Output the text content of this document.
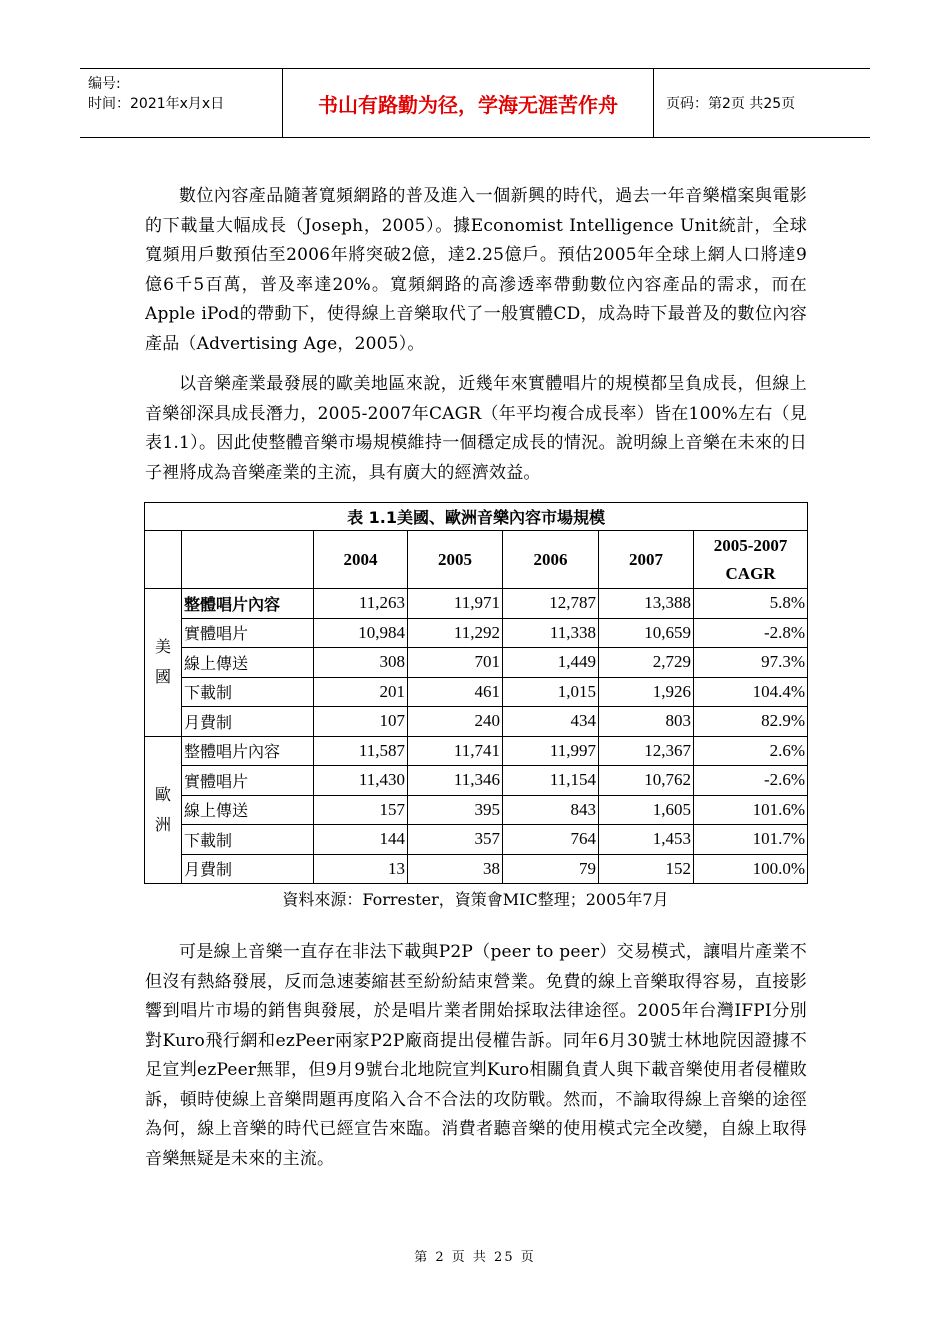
编号:
时间：2021年x月x日	书山有路勤为径，学海无涯苦作舟	页码：第2页 共25页

數位內容產品隨著寬頻網路的普及進入一個新興的時代，過去一年音樂檔案與電影的下載量大幅成長（Joseph，2005）。據Economist Intelligence Unit統計，全球寬頻用戶數預估至2006年將突破2億，達2.25億戶。預估2005年全球上網人口將達9億6千5百萬，普及率達20%。寬頻網路的高滲透率帶動數位內容產品的需求，而在Apple iPod的帶動下，使得線上音樂取代了一般實體CD，成為時下最普及的數位內容產品（Advertising Age，2005）。

以音樂產業最發展的歐美地區來說，近幾年來實體唱片的規模都呈負成長，但線上音樂卻深具成長潛力，2005-2007年CAGR（年平均複合成長率）皆在100%左右（見表1.1）。因此使整體音樂市場規模維持一個穩定成長的情況。說明線上音樂在未來的日子裡將成為音樂產業的主流，具有廣大的經濟效益。

表 1.1美國、歐洲音樂內容市場規模						
		2004	2005	2006	2007	2005-2007
CAGR

美
國	整體唱片內容	11,263	11,971	12,787	13,388	5.8%
	實體唱片	10,984	11,292	11,338	10,659	-2.8%
	線上傳送	308	701	1,449	2,729	97.3%
	下載制	201	461	1,015	1,926	104.4%
	月費制	107	240	434	803	82.9%

歐
洲	整體唱片內容	11,587	11,741	11,997	12,367	2.6%
	實體唱片	11,430	11,346	11,154	10,762	-2.6%
	線上傳送	157	395	843	1,605	101.6%
	下載制	144	357	764	1,453	101.7%
	月費制	13	38	79	152	100.0%
資料來源：Forrester，資策會MIC整理；2005年7月

可是線上音樂一直存在非法下載與P2P（peer to peer）交易模式，讓唱片產業不但沒有熱絡發展，反而急速萎縮甚至紛紛結束營業。免費的線上音樂取得容易，直接影響到唱片市場的銷售與發展，於是唱片業者開始採取法律途徑。2005年台灣IFPI分別對Kuro飛行網和ezPeer兩家P2P廠商提出侵權告訴。同年6月30號士林地院因證據不足宣判ezPeer無罪，但9月9號台北地院宣判Kuro相關負責人與下載音樂使用者侵權敗訴，頓時使線上音樂問題再度陷入合不合法的攻防戰。然而，不論取得線上音樂的途徑為何，線上音樂的時代已經宣告來臨。消費者聽音樂的使用模式完全改變，自線上取得音樂無疑是未來的主流。

第 2 页 共 25 页
